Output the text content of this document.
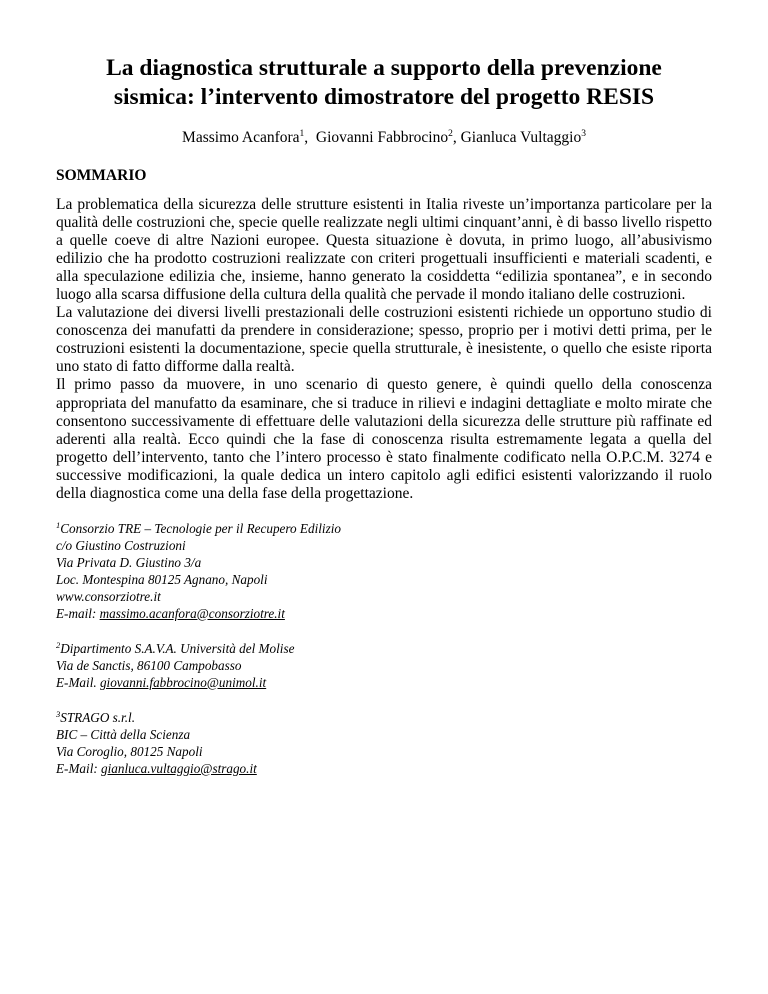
La diagnostica strutturale a supporto della prevenzione
sismica: l’intervento dimostratore del progetto RESIS
Massimo Acanfora$^1$,  Giovanni Fabbrocino$^2$, Gianluca Vultaggio$^3$
SOMMARIO

La problematica della sicurezza delle strutture esistenti in Italia riveste un’importanza particolare per la qualità delle costruzioni che, specie quelle realizzate negli ultimi cinquant’anni, è di basso livello rispetto a quelle coeve di altre Nazioni europee. Questa situazione è dovuta, in primo luogo, all’abusivismo edilizio che ha prodotto costruzioni realizzate con criteri progettuali insufficienti e materiali scadenti, e alla speculazione edilizia che, insieme, hanno generato la cosiddetta “edilizia spontanea”, e in secondo luogo alla scarsa diffusione della cultura della qualità che pervade il mondo italiano delle costruzioni.

La valutazione dei diversi livelli prestazionali delle costruzioni esistenti richiede un opportuno studio di conoscenza dei manufatti da prendere in considerazione; spesso, proprio per i motivi detti prima, per le costruzioni esistenti la documentazione, specie quella strutturale, è inesistente, o quello che esiste riporta uno stato di fatto difforme dalla realtà.

Il primo passo da muovere, in uno scenario di questo genere, è quindi quello della conoscenza appropriata del manufatto da esaminare, che si traduce in rilievi e indagini dettagliate e molto mirate che consentono successivamente di effettuare delle valutazioni della sicurezza delle strutture più raffinate ed aderenti alla realtà. Ecco quindi che la fase di conoscenza risulta estremamente legata a quella del progetto dell’intervento, tanto che l’intero processo è stato finalmente codificato nella O.P.C.M. 3274 e successive modificazioni, la quale dedica un intero capitolo agli edifici esistenti valorizzando il ruolo della diagnostica come una della fase della progettazione.

$^1$Consorzio TRE – Tecnologie per il Recupero Edilizio
c/o Giustino Costruzioni
Via Privata D. Giustino 3/a
Loc. Montespina 80125 Agnano, Napoli
www.consorziotre.it
E-mail: massimo.acanfora@consorziotre.it
$^2$Dipartimento S.A.V.A. Università del Molise
Via de Sanctis, 86100 Campobasso
E-Mail. giovanni.fabbrocino@unimol.it
$^3$STRAGO s.r.l.
BIC – Città della Scienza
Via Coroglio, 80125 Napoli
E-Mail: gianluca.vultaggio@strago.it
